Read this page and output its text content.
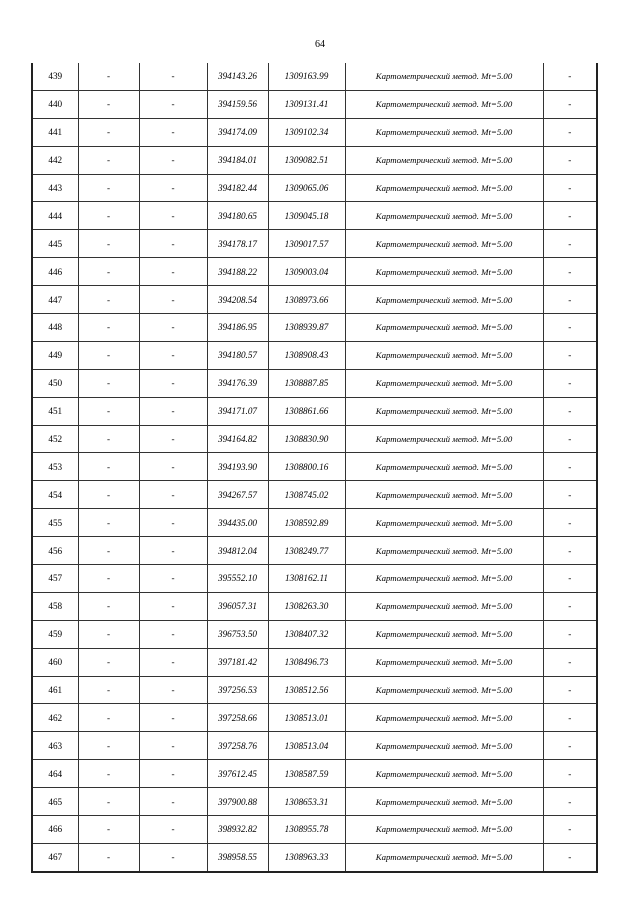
64
439	-	-	394143.26	1309163.99	Картометрический метод. Mt=5.00	-
440	-	-	394159.56	1309131.41	Картометрический метод. Mt=5.00	-
441	-	-	394174.09	1309102.34	Картометрический метод. Mt=5.00	-
442	-	-	394184.01	1309082.51	Картометрический метод. Mt=5.00	-
443	-	-	394182.44	1309065.06	Картометрический метод. Mt=5.00	-
444	-	-	394180.65	1309045.18	Картометрический метод. Mt=5.00	-
445	-	-	394178.17	1309017.57	Картометрический метод. Mt=5.00	-
446	-	-	394188.22	1309003.04	Картометрический метод. Mt=5.00	-
447	-	-	394208.54	1308973.66	Картометрический метод. Mt=5.00	-
448	-	-	394186.95	1308939.87	Картометрический метод. Mt=5.00	-
449	-	-	394180.57	1308908.43	Картометрический метод. Mt=5.00	-
450	-	-	394176.39	1308887.85	Картометрический метод. Mt=5.00	-
451	-	-	394171.07	1308861.66	Картометрический метод. Mt=5.00	-
452	-	-	394164.82	1308830.90	Картометрический метод. Mt=5.00	-
453	-	-	394193.90	1308800.16	Картометрический метод. Mt=5.00	-
454	-	-	394267.57	1308745.02	Картометрический метод. Mt=5.00	-
455	-	-	394435.00	1308592.89	Картометрический метод. Mt=5.00	-
456	-	-	394812.04	1308249.77	Картометрический метод. Mt=5.00	-
457	-	-	395552.10	1308162.11	Картометрический метод. Mt=5.00	-
458	-	-	396057.31	1308263.30	Картометрический метод. Mt=5.00	-
459	-	-	396753.50	1308407.32	Картометрический метод. Mt=5.00	-
460	-	-	397181.42	1308496.73	Картометрический метод. Mt=5.00	-
461	-	-	397256.53	1308512.56	Картометрический метод. Mt=5.00	-
462	-	-	397258.66	1308513.01	Картометрический метод. Mt=5.00	-
463	-	-	397258.76	1308513.04	Картометрический метод. Mt=5.00	-
464	-	-	397612.45	1308587.59	Картометрический метод. Mt=5.00	-
465	-	-	397900.88	1308653.31	Картометрический метод. Mt=5.00	-
466	-	-	398932.82	1308955.78	Картометрический метод. Mt=5.00	-
467	-	-	398958.55	1308963.33	Картометрический метод. Mt=5.00	-
